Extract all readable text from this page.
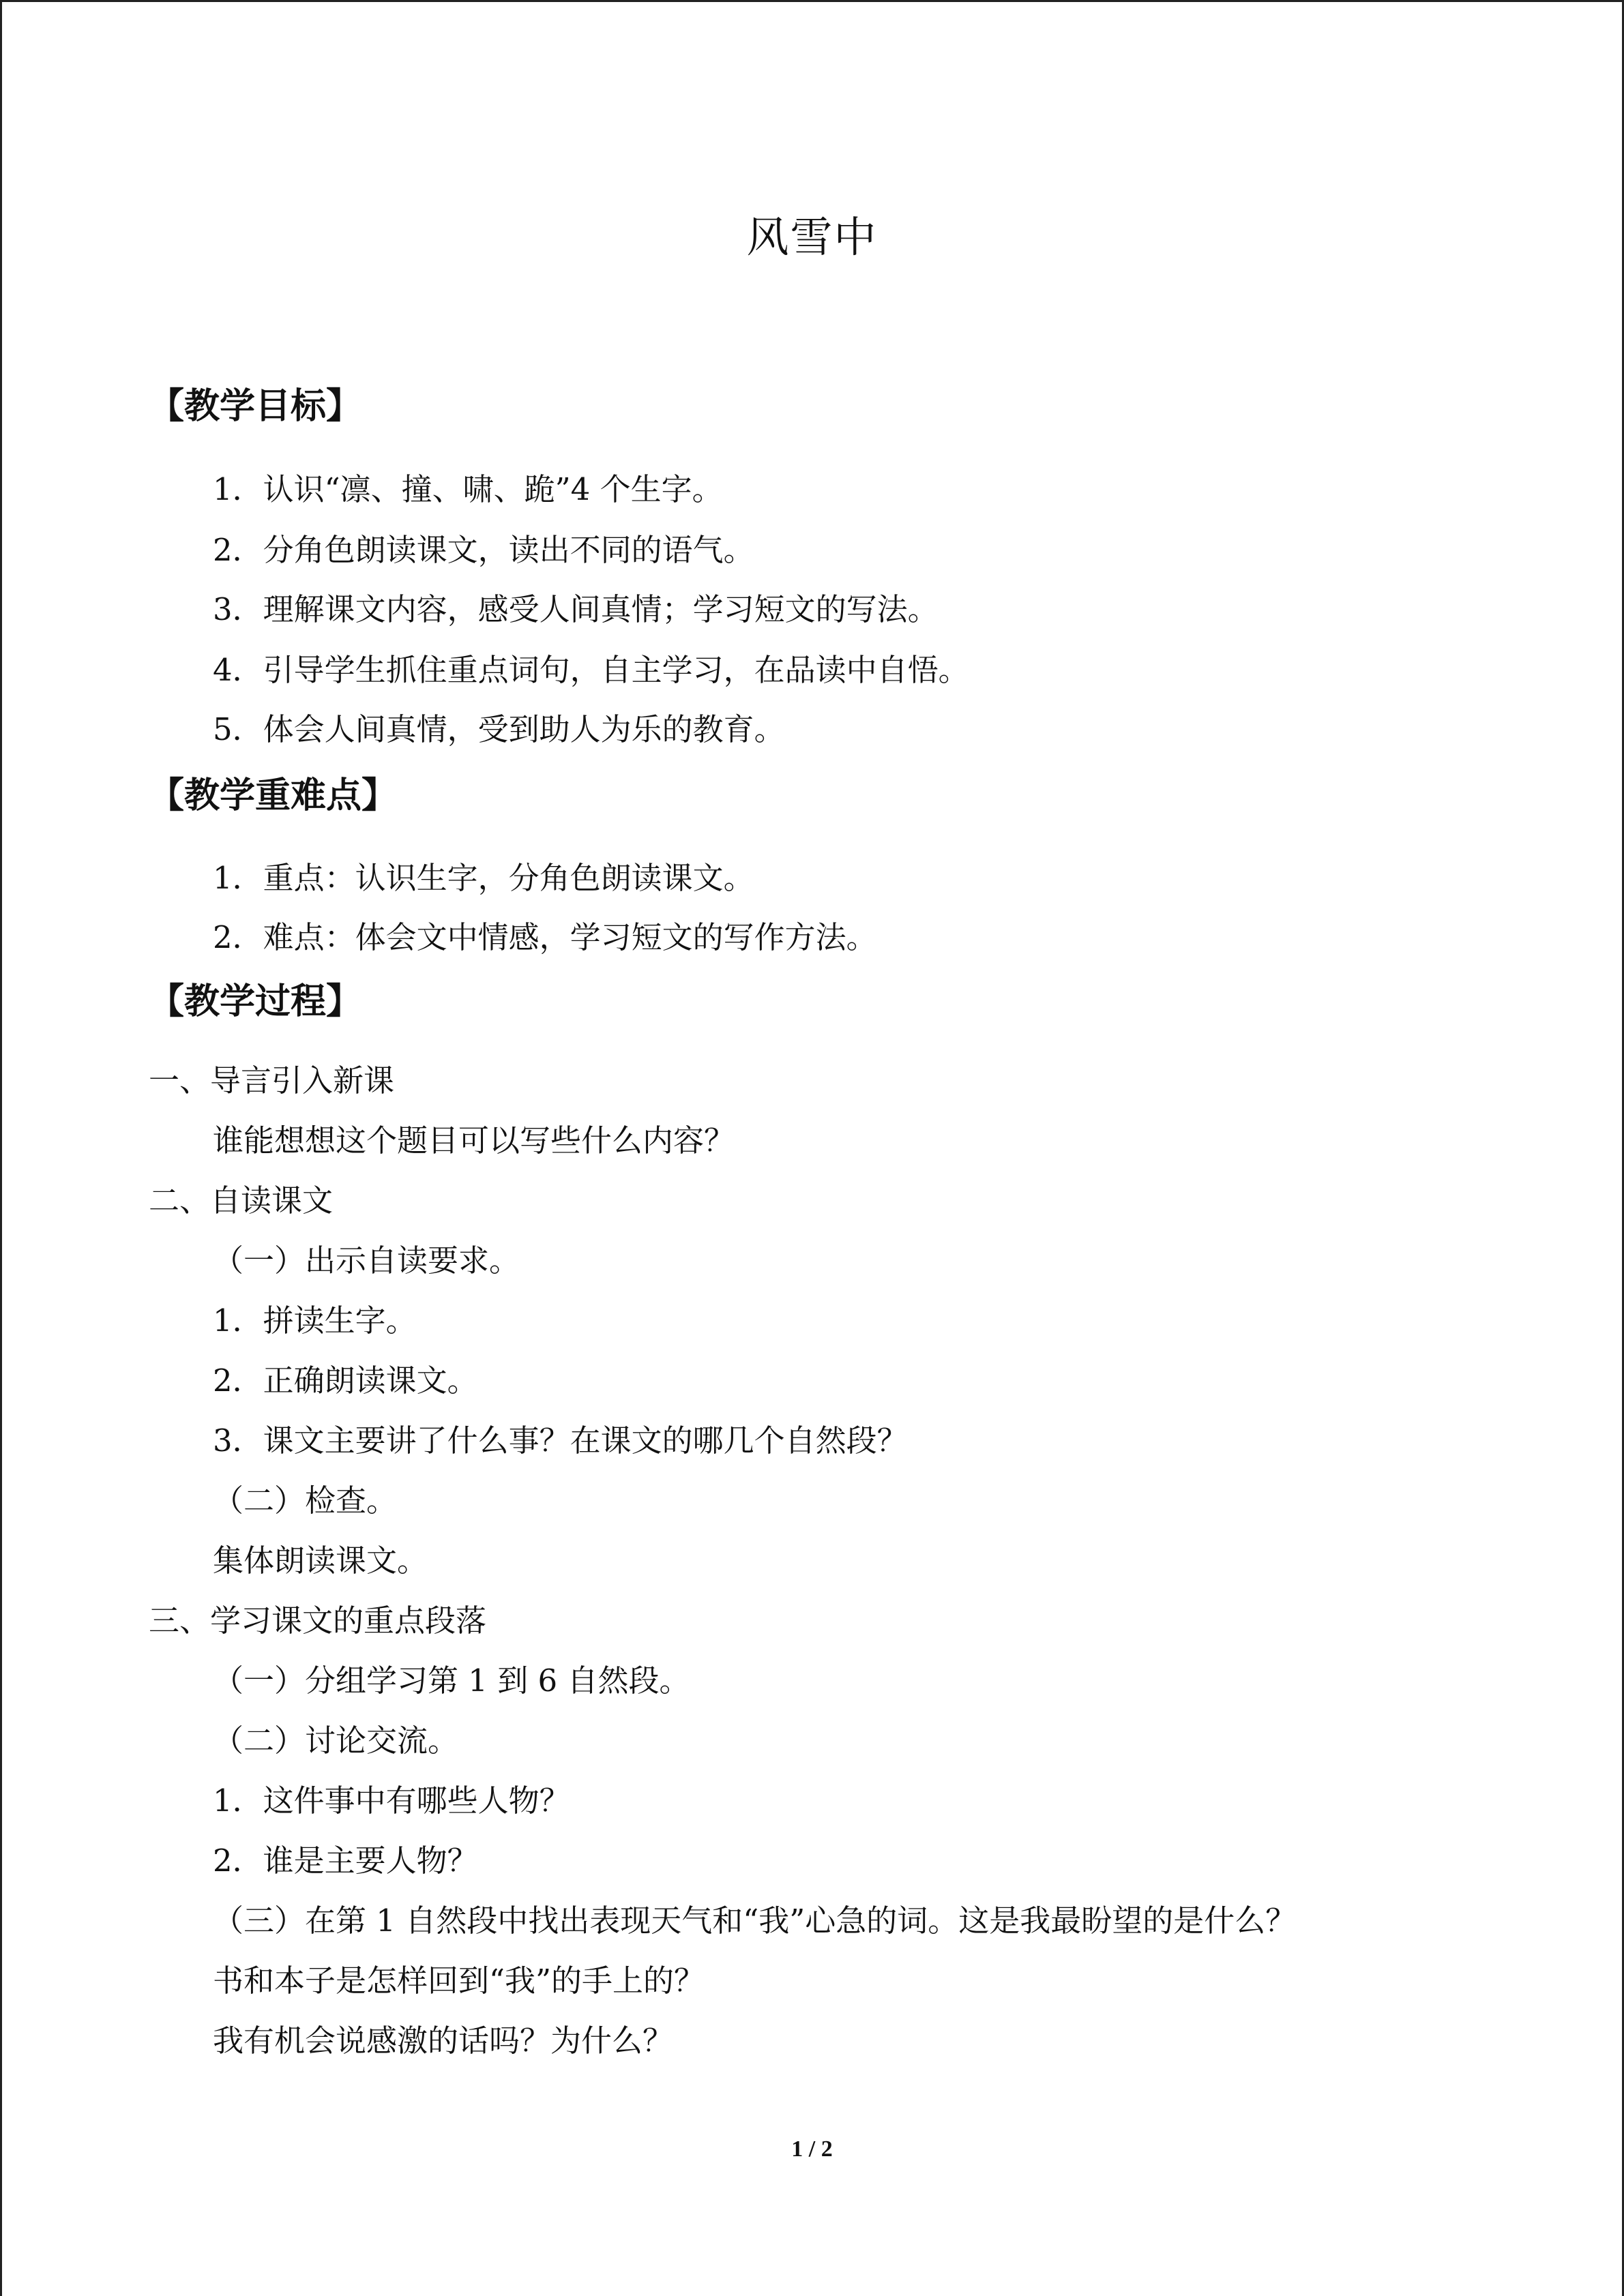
风雪中
【教学目标】
1．认识“凛、撞、啸、跪”4 个生字。
2．分角色朗读课文，读出不同的语气。
3．理解课文内容，感受人间真情；学习短文的写法。
4．引导学生抓住重点词句，自主学习，在品读中自悟。
5．体会人间真情，受到助人为乐的教育。
【教学重难点】
1．重点：认识生字，分角色朗读课文。
2．难点：体会文中情感，学习短文的写作方法。
【教学过程】
一、导言引入新课
谁能想想这个题目可以写些什么内容？
二、自读课文
（一）出示自读要求。
1．拼读生字。
2．正确朗读课文。
3．课文主要讲了什么事？在课文的哪几个自然段？
（二）检查。
集体朗读课文。
三、学习课文的重点段落
（一）分组学习第 1 到 6 自然段。
（二）讨论交流。
1．这件事中有哪些人物？
2．谁是主要人物？
（三）在第 1 自然段中找出表现天气和“我”心急的词。这是我最盼望的是什么？
书和本子是怎样回到“我”的手上的？
我有机会说感激的话吗？为什么？
1 / 2
